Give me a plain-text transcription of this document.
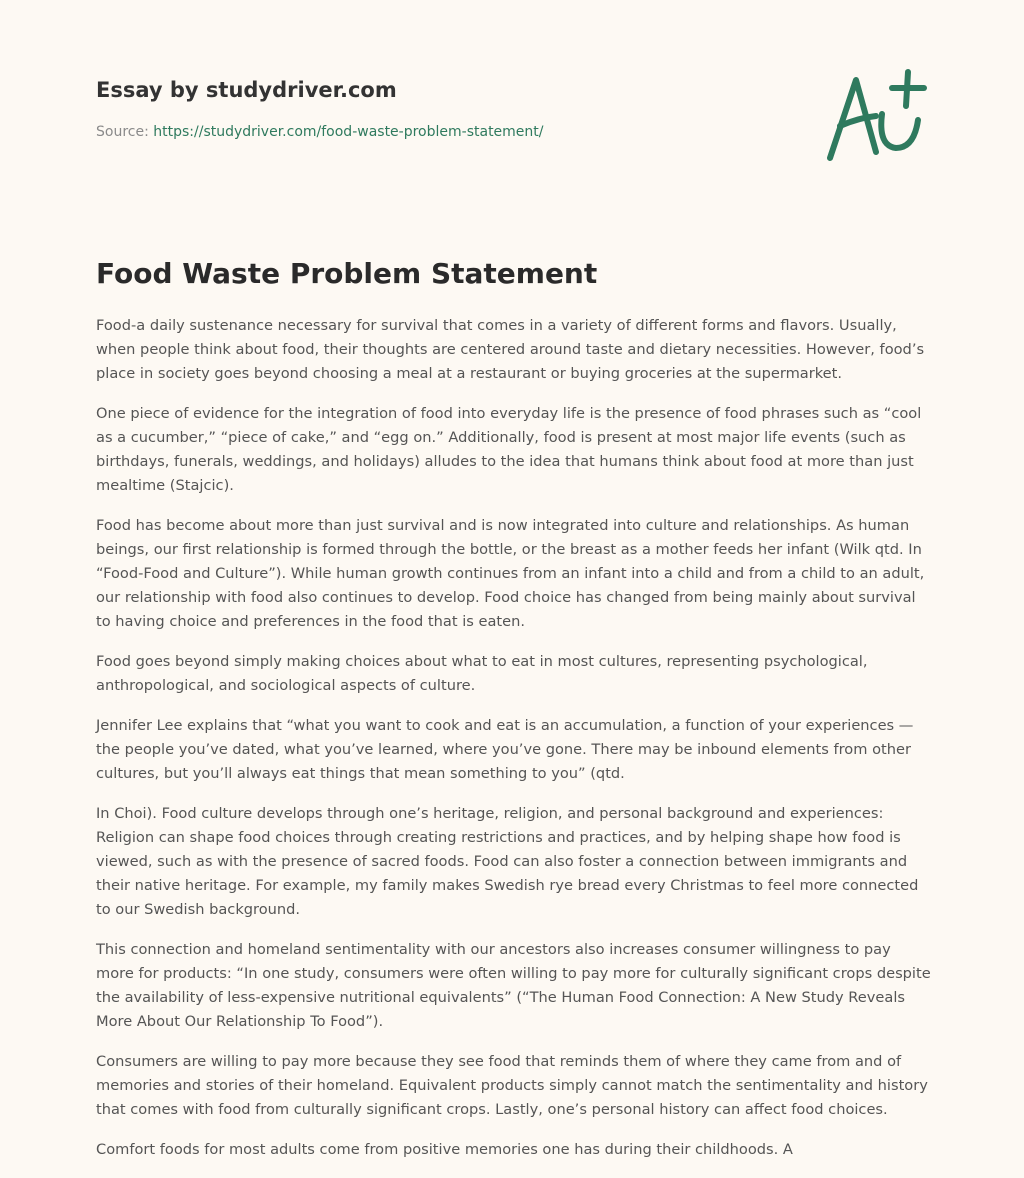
Essay by studydriver.com
Source: https://studydriver.com/food-waste-problem-statement/
Food Waste Problem Statement

Food-a daily sustenance necessary for survival that comes in a variety of different forms and flavors. Usually, when people think about food, their thoughts are centered around taste and dietary necessities. However, food’s place in society goes beyond choosing a meal at a restaurant or buying groceries at the supermarket.

One piece of evidence for the integration of food into everyday life is the presence of food phrases such as “cool as a cucumber,” “piece of cake,” and “egg on.” Additionally, food is present at most major life events (such as birthdays, funerals, weddings, and holidays) alludes to the idea that humans think about food at more than just mealtime (Stajcic).

Food has become about more than just survival and is now integrated into culture and relationships. As human beings, our first relationship is formed through the bottle, or the breast as a mother feeds her infant (Wilk qtd. In “Food-Food and Culture”). While human growth continues from an infant into a child and from a child to an adult, our relationship with food also continues to develop. Food choice has changed from being mainly about survival to having choice and preferences in the food that is eaten.

Food goes beyond simply making choices about what to eat in most cultures, representing psychological, anthropological, and sociological aspects of culture.

Jennifer Lee explains that “what you want to cook and eat is an accumulation, a function of your experiences — the people you’ve dated, what you’ve learned, where you’ve gone. There may be inbound elements from other cultures, but you’ll always eat things that mean something to you” (qtd.

In Choi). Food culture develops through one’s heritage, religion, and personal background and experiences: Religion can shape food choices through creating restrictions and practices, and by helping shape how food is viewed, such as with the presence of sacred foods. Food can also foster a connection between immigrants and their native heritage. For example, my family makes Swedish rye bread every Christmas to feel more connected to our Swedish background.

This connection and homeland sentimentality with our ancestors also increases consumer willingness to pay more for products: “In one study, consumers were often willing to pay more for culturally significant crops despite the availability of less-expensive nutritional equivalents” (“The Human Food Connection: A New Study Reveals More About Our Relationship To Food”).

Consumers are willing to pay more because they see food that reminds them of where they came from and of memories and stories of their homeland. Equivalent products simply cannot match the sentimentality and history that comes with food from culturally significant crops. Lastly, one’s personal history can affect food choices.

Comfort foods for most adults come from positive memories one has during their childhoods. A
